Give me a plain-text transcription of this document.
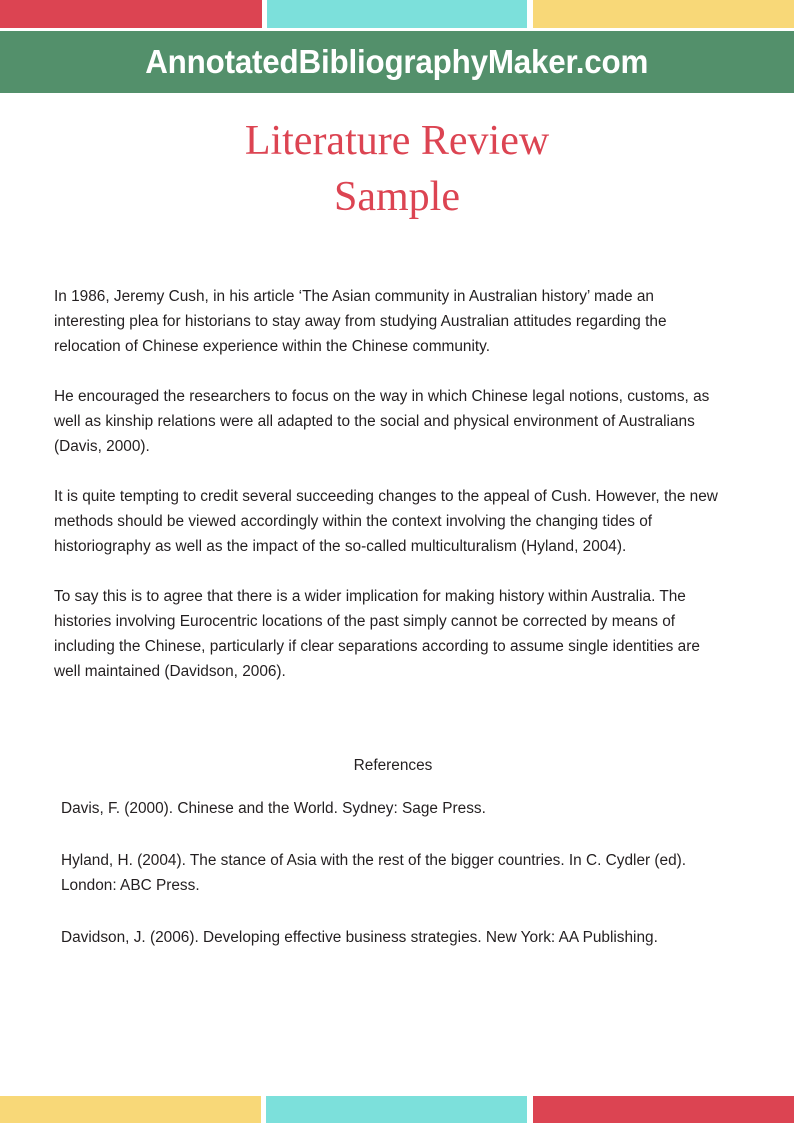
AnnotatedBibliographyMaker.com
Literature Review
Sample

In 1986, Jeremy Cush, in his article ‘The Asian community in Australian history’ made an interesting plea for historians to stay away from studying Australian attitudes regarding the relocation of Chinese experience within the Chinese community.

He encouraged the researchers to focus on the way in which Chinese legal notions, customs, as well as kinship relations were all adapted to the social and physical environment of Australians (Davis, 2000).

It is quite tempting to credit several succeeding changes to the appeal of Cush. However, the new methods should be viewed accordingly within the context involving the changing tides of historiography as well as the impact of the so-called multiculturalism (Hyland, 2004).

To say this is to agree that there is a wider implication for making history within Australia. The histories involving Eurocentric locations of the past simply cannot be corrected by means of including the Chinese, particularly if clear separations according to assume single identities are well maintained (Davidson, 2006).

References

Davis, F. (2000). Chinese and the World. Sydney: Sage Press.

Hyland, H. (2004). The stance of Asia with the rest of the bigger countries. In C. Cydler (ed). London: ABC Press.

Davidson, J. (2006). Developing effective business strategies. New York: AA Publishing.
